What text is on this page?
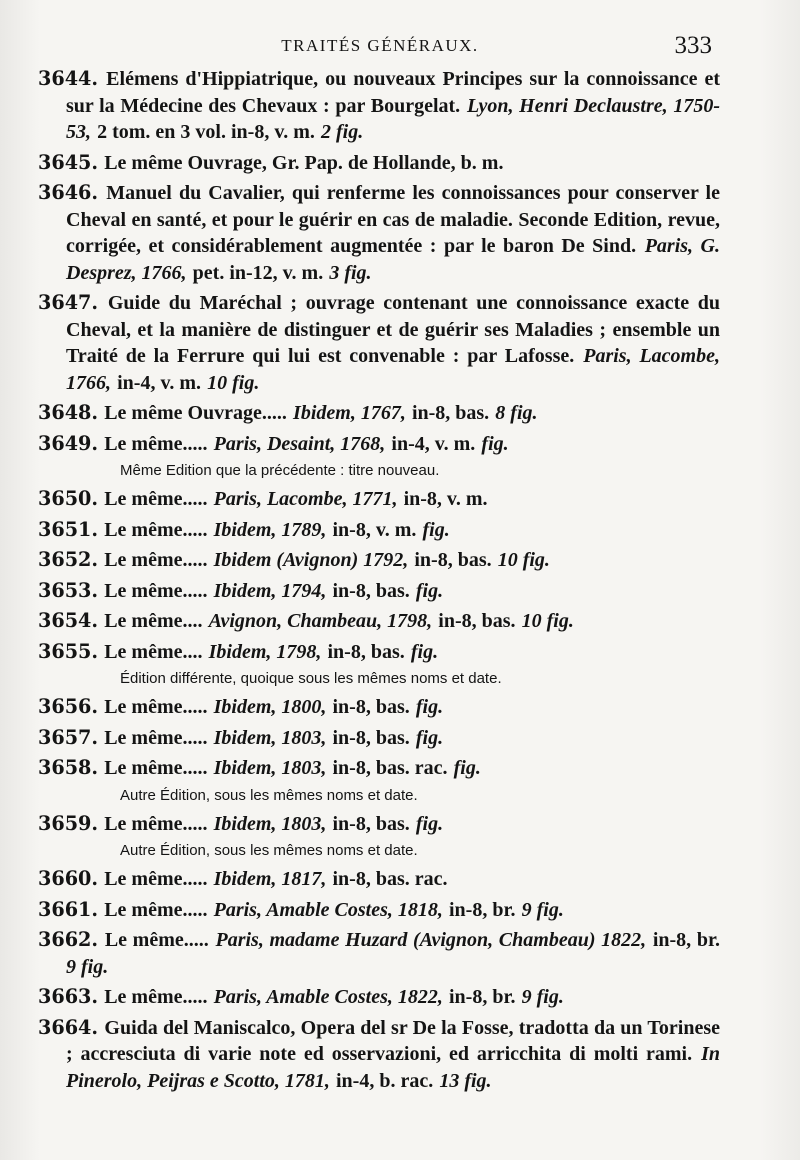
TRAITÉS GÉNÉRAUX.	333
3644. Elémens d'Hippiatrique, ou nouveaux Principes sur la connoissance et sur la Médecine des Chevaux : par Bourgelat. Lyon, Henri Declaustre, 1750-53, 2 tom. en 3 vol. in-8, v. m. 2 fig.
3645. Le même Ouvrage, Gr. Pap. de Hollande, b. m.
3646. Manuel du Cavalier, qui renferme les connoissances pour conserver le Cheval en santé, et pour le guérir en cas de maladie. Seconde Edition, revue, corrigée, et considérablement augmentée : par le baron De Sind. Paris, G. Desprez, 1766, pet. in-12, v. m. 3 fig.
3647. Guide du Maréchal ; ouvrage contenant une connoissance exacte du Cheval, et la manière de distinguer et de guérir ses Maladies ; ensemble un Traité de la Ferrure qui lui est convenable : par Lafosse. Paris, Lacombe, 1766, in-4, v. m. 10 fig.
3648. Le même Ouvrage..... Ibidem, 1767, in-8, bas. 8 fig.
3649. Le même..... Paris, Desaint, 1768, in-4, v. m. fig.
Même Edition que la précédente : titre nouveau.
3650. Le même..... Paris, Lacombe, 1771, in-8, v. m.
3651. Le même..... Ibidem, 1789, in-8, v. m. fig.
3652. Le même..... Ibidem (Avignon) 1792, in-8, bas. 10 fig.
3653. Le même..... Ibidem, 1794, in-8, bas. fig.
3654. Le même.... Avignon, Chambeau, 1798, in-8, bas. 10 fig.
3655. Le même.... Ibidem, 1798, in-8, bas. fig.
Édition différente, quoique sous les mêmes noms et date.
3656. Le même..... Ibidem, 1800, in-8, bas. fig.
3657. Le même..... Ibidem, 1803, in-8, bas. fig.
3658. Le même..... Ibidem, 1803, in-8, bas. rac. fig.
Autre Édition, sous les mêmes noms et date.
3659. Le même..... Ibidem, 1803, in-8, bas. fig.
Autre Édition, sous les mêmes noms et date.
3660. Le même..... Ibidem, 1817, in-8, bas. rac.
3661. Le même..... Paris, Amable Costes, 1818, in-8, br. 9 fig.
3662. Le même..... Paris, madame Huzard (Avignon, Chambeau) 1822, in-8, br. 9 fig.
3663. Le même..... Paris, Amable Costes, 1822, in-8, br. 9 fig.
3664. Guida del Maniscalco, Opera del sr De la Fosse, tradotta da un Torinese ; accresciuta di varie note ed osservazioni, ed arricchita di molti rami. In Pinerolo, Peijras e Scotto, 1781, in-4, b. rac. 13 fig.
